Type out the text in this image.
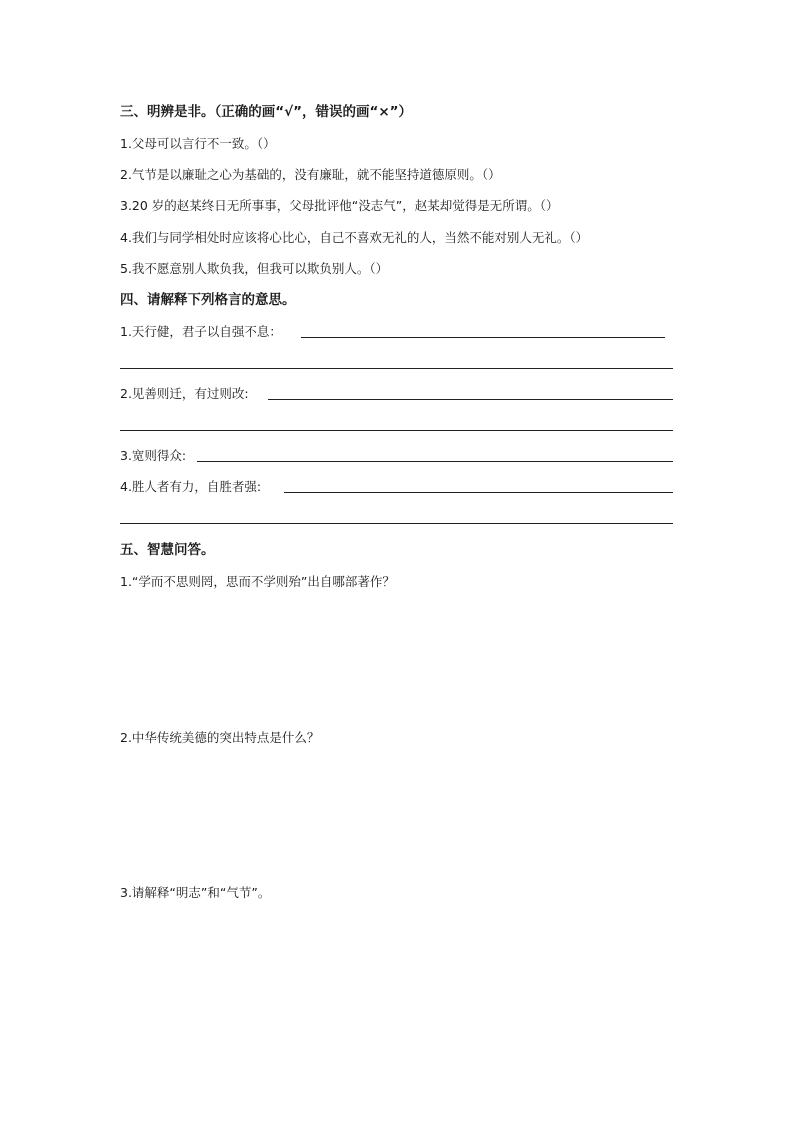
三、明辨是非。（正确的画“√”，错误的画“×”）
1.父母可以言行不一致。（）
2.气节是以廉耻之心为基础的，没有廉耻，就不能坚持道德原则。（）
3.20 岁的赵某终日无所事事，父母批评他“没志气”，赵某却觉得是无所谓。（）
4.我们与同学相处时应该将心比心，自己不喜欢无礼的人，当然不能对别人无礼。（）
5.我不愿意别人欺负我，但我可以欺负别人。（）
四、请解释下列格言的意思。
1.天行健，君子以自强不息：
2.见善则迁，有过则改:
3.宽则得众:
4.胜人者有力，自胜者强:
五、智慧问答。
1.“学而不思则罔，思而不学则殆”出自哪部著作？
2.中华传统美德的突出特点是什么？
3.请解释“明志”和“气节”。
